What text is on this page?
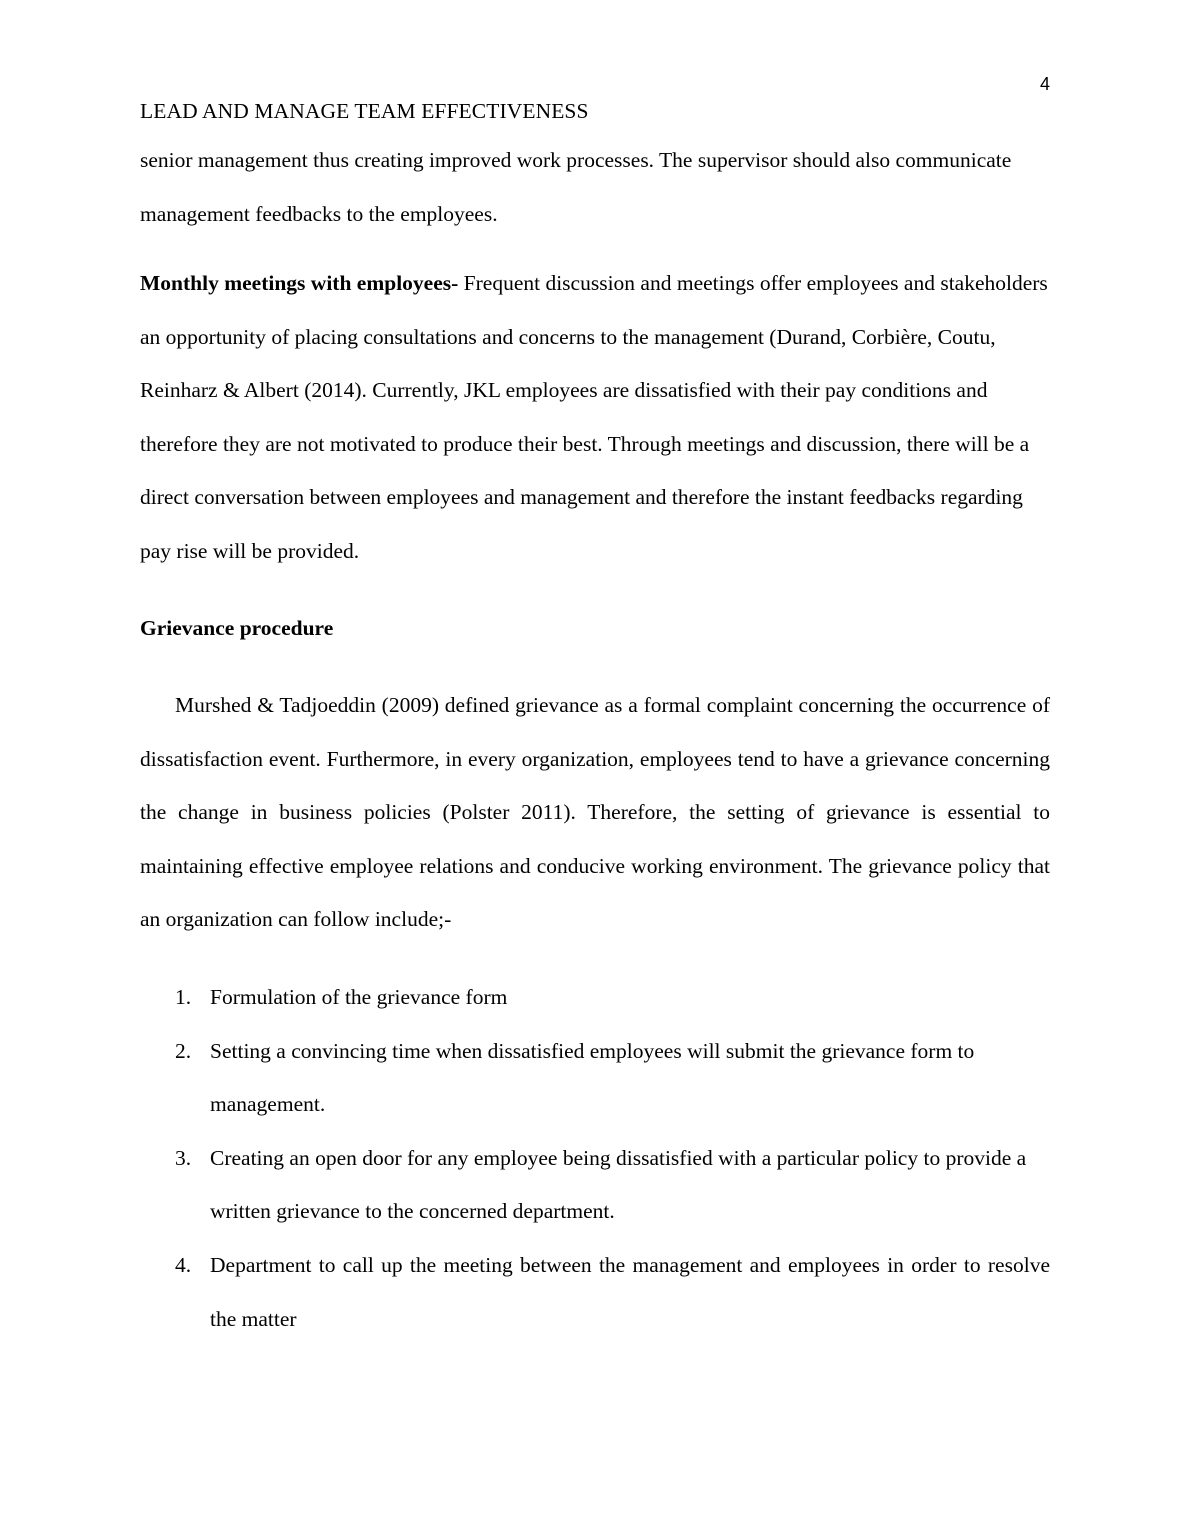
4
LEAD AND MANAGE TEAM EFFECTIVENESS

senior management thus creating improved work processes. The supervisor should also communicate management feedbacks to the employees.

Monthly meetings with employees- Frequent discussion and meetings offer employees and stakeholders an opportunity of placing consultations and concerns to the management (Durand, Corbière, Coutu, Reinharz & Albert (2014). Currently, JKL employees are dissatisfied with their pay conditions and therefore they are not motivated to produce their best. Through meetings and discussion, there will be a direct conversation between employees and management and therefore the instant feedbacks regarding pay rise will be provided.

Grievance procedure

Murshed & Tadjoeddin (2009) defined grievance as a formal complaint concerning the occurrence of dissatisfaction event. Furthermore, in every organization, employees tend to have a grievance concerning the change in business policies (Polster 2011). Therefore, the setting of grievance is essential to maintaining effective employee relations and conducive working environment. The grievance policy that an organization can follow include;-

1. Formulation of the grievance form
2. Setting a convincing time when dissatisfied employees will submit the grievance form to management.
3. Creating an open door for any employee being dissatisfied with a particular policy to provide a written grievance to the concerned department.
4. Department to call up the meeting between the management and employees in order to resolve the matter
